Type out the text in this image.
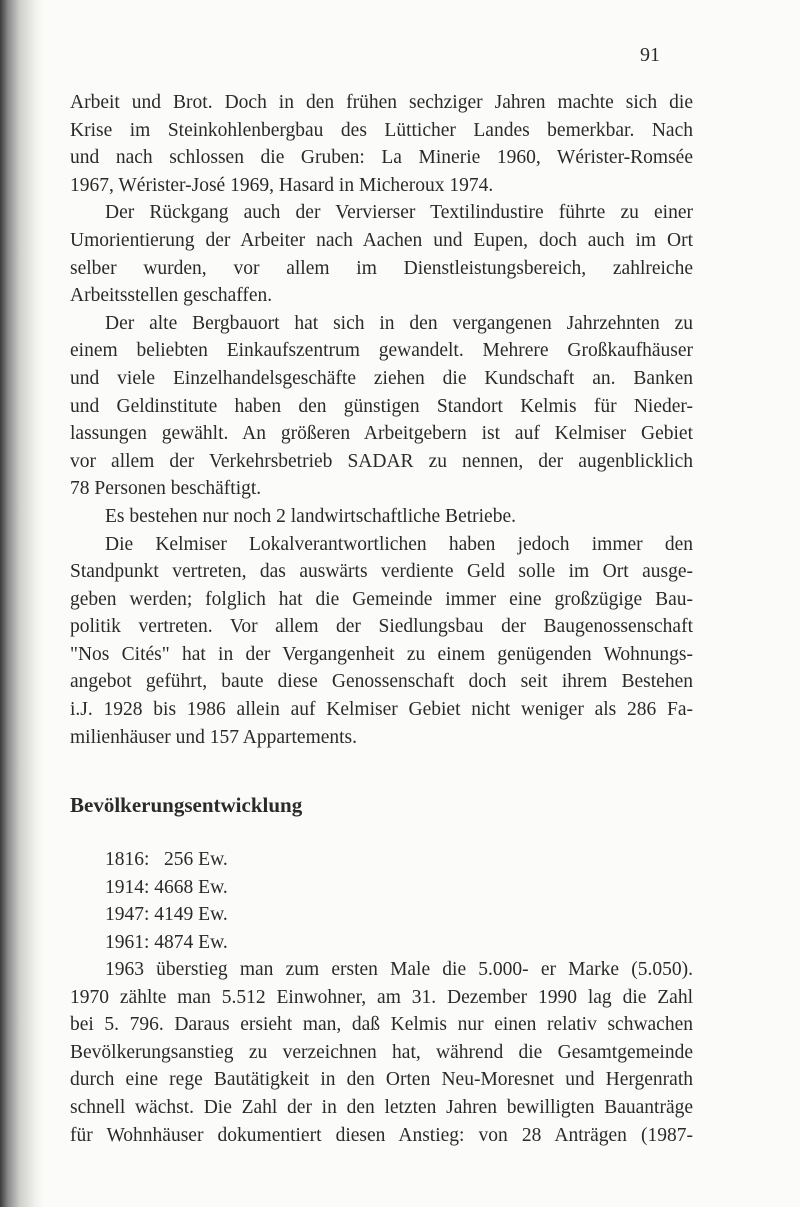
91
Arbeit und Brot. Doch in den frühen sechziger Jahren machte sich die
Krise im Steinkohlenbergbau des Lütticher Landes bemerkbar. Nach
und nach schlossen die Gruben: La Minerie 1960, Wérister-Romsée
1967, Wérister-José 1969, Hasard in Micheroux 1974.
Der Rückgang auch der Vervierser Textilindustire führte zu einer
Umorientierung der Arbeiter nach Aachen und Eupen, doch auch im Ort
selber wurden, vor allem im Dienstleistungsbereich, zahlreiche
Arbeitsstellen geschaffen.
Der alte Bergbauort hat sich in den vergangenen Jahrzehnten zu
einem beliebten Einkaufszentrum gewandelt. Mehrere Großkaufhäuser
und viele Einzelhandelsgeschäfte ziehen die Kundschaft an. Banken
und Geldinstitute haben den günstigen Standort Kelmis für Nieder-
lassungen gewählt. An größeren Arbeitgebern ist auf Kelmiser Gebiet
vor allem der Verkehrsbetrieb SADAR zu nennen, der augenblicklich
78 Personen beschäftigt.
Es bestehen nur noch 2 landwirtschaftliche Betriebe.
Die Kelmiser Lokalverantwortlichen haben jedoch immer den
Standpunkt vertreten, das auswärts verdiente Geld solle im Ort ausge-
geben werden; folglich hat die Gemeinde immer eine großzügige Bau-
politik vertreten. Vor allem der Siedlungsbau der Baugenossenschaft
"Nos Cités" hat in der Vergangenheit zu einem genügenden Wohnungs-
angebot geführt, baute diese Genossenschaft doch seit ihrem Bestehen
i.J. 1928 bis 1986 allein auf Kelmiser Gebiet nicht weniger als 286 Fa-
milienhäuser und 157 Appartements.
Bevölkerungsentwicklung
1816:   256 Ew.
1914: 4668 Ew.
1947: 4149 Ew.
1961: 4874 Ew.
1963 überstieg man zum ersten Male die 5.000- er Marke (5.050).
1970 zählte man 5.512 Einwohner, am 31. Dezember 1990 lag die Zahl
bei 5. 796. Daraus ersieht man, daß Kelmis nur einen relativ schwachen
Bevölkerungsanstieg zu verzeichnen hat, während die Gesamtgemeinde
durch eine rege Bautätigkeit in den Orten Neu-Moresnet und Hergenrath
schnell wächst. Die Zahl der in den letzten Jahren bewilligten Bauanträge
für Wohnhäuser dokumentiert diesen Anstieg: von 28 Anträgen (1987-
